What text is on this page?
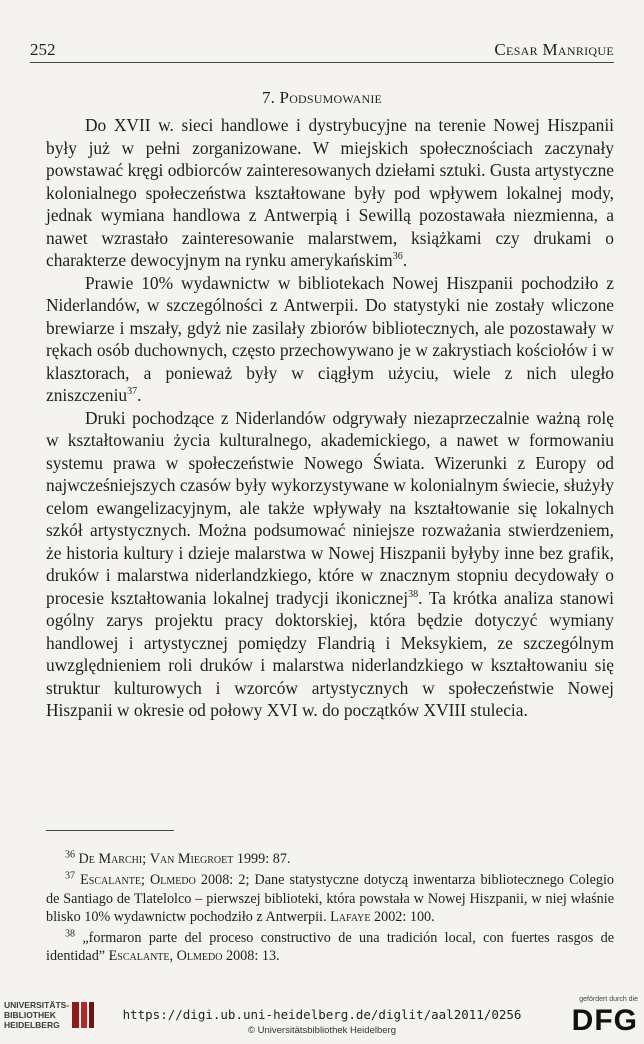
252	Cesar Manrique
7. Podsumowanie

Do XVII w. sieci handlowe i dystrybucyjne na terenie Nowej Hiszpanii były już w pełni zorganizowane. W miejskich społecznościach zaczynały powstawać kręgi odbiorców zainteresowanych dziełami sztuki. Gusta artystyczne kolonialnego społeczeństwa kształtowane były pod wpływem lokalnej mody, jednak wymiana handlowa z Antwerpią i Sewillą pozostawała niezmienna, a nawet wzrastało zainteresowanie malarstwem, książkami czy drukami o charakterze dewocyjnym na rynku amerykańskim$^{36}$.

Prawie 10% wydawnictw w bibliotekach Nowej Hiszpanii pochodziło z Niderlandów, w szczególności z Antwerpii. Do statystyki nie zostały wliczone brewiarze i mszały, gdyż nie zasilały zbiorów bibliotecznych, ale pozostawały w rękach osób duchownych, często przechowywano je w zakrystiach kościołów i w klasztorach, a ponieważ były w ciągłym użyciu, wiele z nich uległo zniszczeniu$^{37}$.

Druki pochodzące z Niderlandów odgrywały niezaprzeczalnie ważną rolę w kształtowaniu życia kulturalnego, akademickiego, a nawet w formowaniu systemu prawa w społeczeństwie Nowego Świata. Wizerunki z Europy od najwcześniejszych czasów były wykorzystywane w kolonialnym świecie, służyły celom ewangelizacyjnym, ale także wpływały na kształtowanie się lokalnych szkół artystycznych. Można podsumować niniejsze rozważania stwierdzeniem, że historia kultury i dzieje malarstwa w Nowej Hiszpanii byłyby inne bez grafik, druków i malarstwa niderlandzkiego, które w znacznym stopniu decydowały o procesie kształtowania lokalnej tradycji ikonicznej$^{38}$. Ta krótka analiza stanowi ogólny zarys projektu pracy doktorskiej, która będzie dotyczyć wymiany handlowej i artystycznej pomiędzy Flandrią i Meksykiem, ze szczególnym uwzględnieniem roli druków i malarstwa niderlandzkiego w kształtowaniu się struktur kulturowych i wzorców artystycznych w społeczeństwie Nowej Hiszpanii w okresie od połowy XVI w. do początków XVIII stulecia.

$^{36}$ De Marchi; Van Miegroet 1999: 87.

$^{37}$ Escalante; Olmedo 2008: 2; Dane statystyczne dotyczą inwentarza bibliotecznego Colegio de Santiago de Tlatelolco – pierwszej biblioteki, która powstała w Nowej Hiszpanii, w niej właśnie blisko 10% wydawnictw pochodziło z Antwerpii. Lafaye 2002: 100.

$^{38}$ „formaron parte del proceso constructivo de una tradición local, con fuertes rasgos de identidad” Escalante, Olmedo 2008: 13.

UNIVERSITÄTS-
BIBLIOTHEK
HEIDELBERG
https://digi.ub.uni-heidelberg.de/diglit/aal2011/0256
© Universitätsbibliothek Heidelberg
gefördert durch die
DFG
